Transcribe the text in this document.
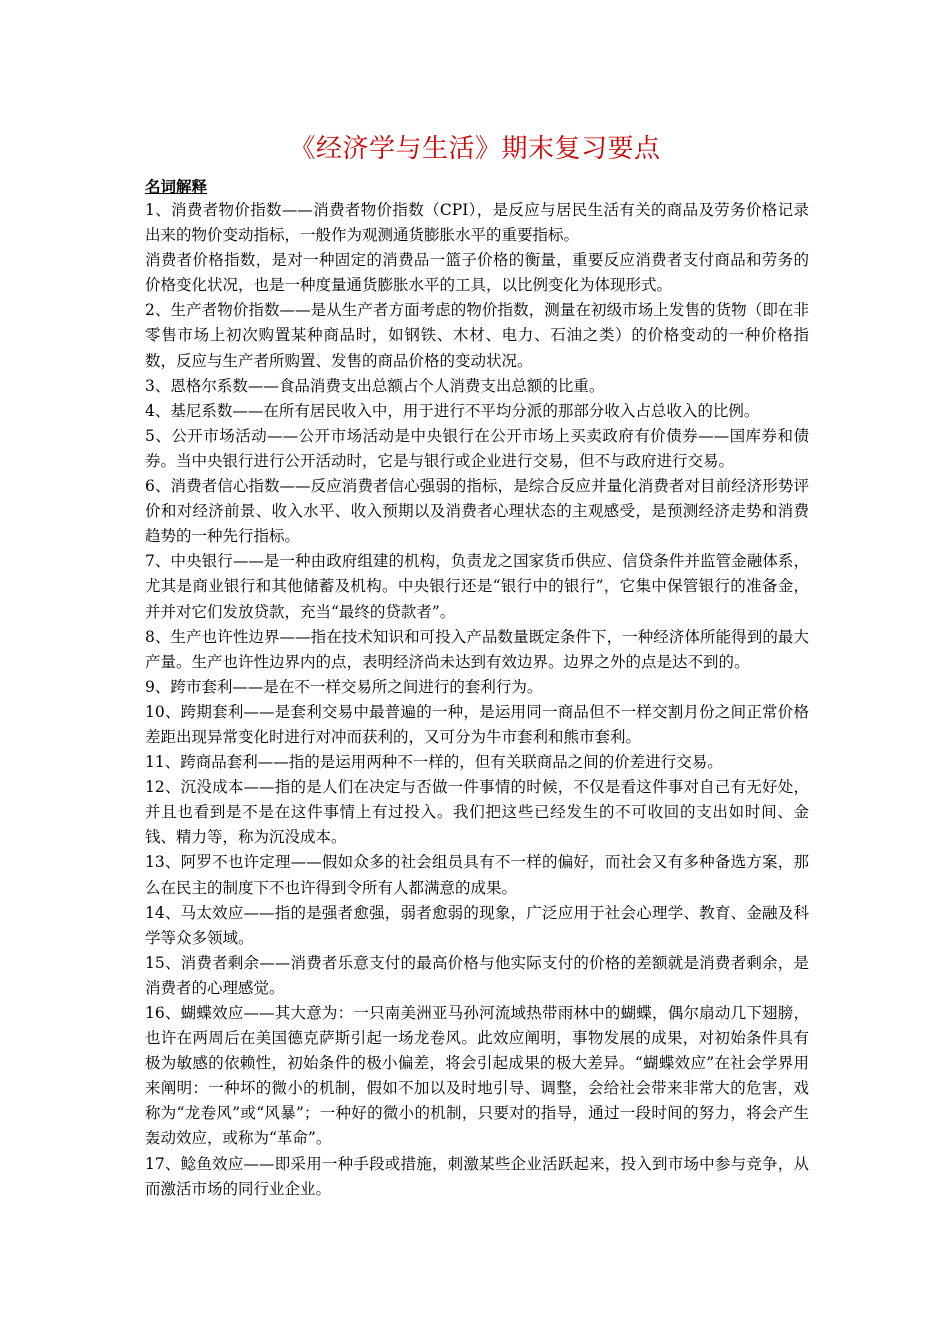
《经济学与生活》期末复习要点
名词解释

1、消费者物价指数——消费者物价指数（CPI），是反应与居民生活有关的商品及劳务价格记录出来的物价变动指标，一般作为观测通货膨胀水平的重要指标。

消费者价格指数，是对一种固定的消费品一篮子价格的衡量，重要反应消费者支付商品和劳务的价格变化状况，也是一种度量通货膨胀水平的工具，以比例变化为体现形式。

2、生产者物价指数——是从生产者方面考虑的物价指数，测量在初级市场上发售的货物（即在非零售市场上初次购置某种商品时，如钢铁、木材、电力、石油之类）的价格变动的一种价格指数，反应与生产者所购置、发售的商品价格的变动状况。

3、恩格尔系数——食品消费支出总额占个人消费支出总额的比重。

4、基尼系数——在所有居民收入中，用于进行不平均分派的那部分收入占总收入的比例。

5、公开市场活动——公开市场活动是中央银行在公开市场上买卖政府有价债券——国库券和债券。当中央银行进行公开活动时，它是与银行或企业进行交易，但不与政府进行交易。

6、消费者信心指数——反应消费者信心强弱的指标，是综合反应并量化消费者对目前经济形势评价和对经济前景、收入水平、收入预期以及消费者心理状态的主观感受，是预测经济走势和消费趋势的一种先行指标。

7、中央银行——是一种由政府组建的机构，负责龙之国家货币供应、信贷条件并监管金融体系，尤其是商业银行和其他储蓄及机构。中央银行还是“银行中的银行”，它集中保管银行的准备金，并并对它们发放贷款，充当“最终的贷款者”。

8、生产也许性边界——指在技术知识和可投入产品数量既定条件下，一种经济体所能得到的最大产量。生产也许性边界内的点，表明经济尚未达到有效边界。边界之外的点是达不到的。

9、跨市套利——是在不一样交易所之间进行的套利行为。

10、跨期套利——是套利交易中最普遍的一种，是运用同一商品但不一样交割月份之间正常价格差距出现异常变化时进行对冲而获利的，又可分为牛市套利和熊市套利。

11、跨商品套利——指的是运用两种不一样的，但有关联商品之间的价差进行交易。

12、沉没成本——指的是人们在决定与否做一件事情的时候，不仅是看这件事对自己有无好处，并且也看到是不是在这件事情上有过投入。我们把这些已经发生的不可收回的支出如时间、金钱、精力等，称为沉没成本。

13、阿罗不也许定理——假如众多的社会组员具有不一样的偏好，而社会又有多种备选方案，那么在民主的制度下不也许得到令所有人都满意的成果。

14、马太效应——指的是强者愈强，弱者愈弱的现象，广泛应用于社会心理学、教育、金融及科学等众多领域。

15、消费者剩余——消费者乐意支付的最高价格与他实际支付的价格的差额就是消费者剩余，是消费者的心理感觉。

16、蝴蝶效应——其大意为：一只南美洲亚马孙河流域热带雨林中的蝴蝶，偶尔扇动几下翅膀，也许在两周后在美国德克萨斯引起一场龙卷风。此效应阐明，事物发展的成果，对初始条件具有极为敏感的依赖性，初始条件的极小偏差，将会引起成果的极大差异。“蝴蝶效应”在社会学界用来阐明：一种坏的微小的机制，假如不加以及时地引导、调整，会给社会带来非常大的危害，戏称为“龙卷风”或“风暴”；一种好的微小的机制，只要对的指导，通过一段时间的努力，将会产生轰动效应，或称为“革命”。

17、鲶鱼效应——即采用一种手段或措施，刺激某些企业活跃起来，投入到市场中参与竞争，从而激活市场的同行业企业。
